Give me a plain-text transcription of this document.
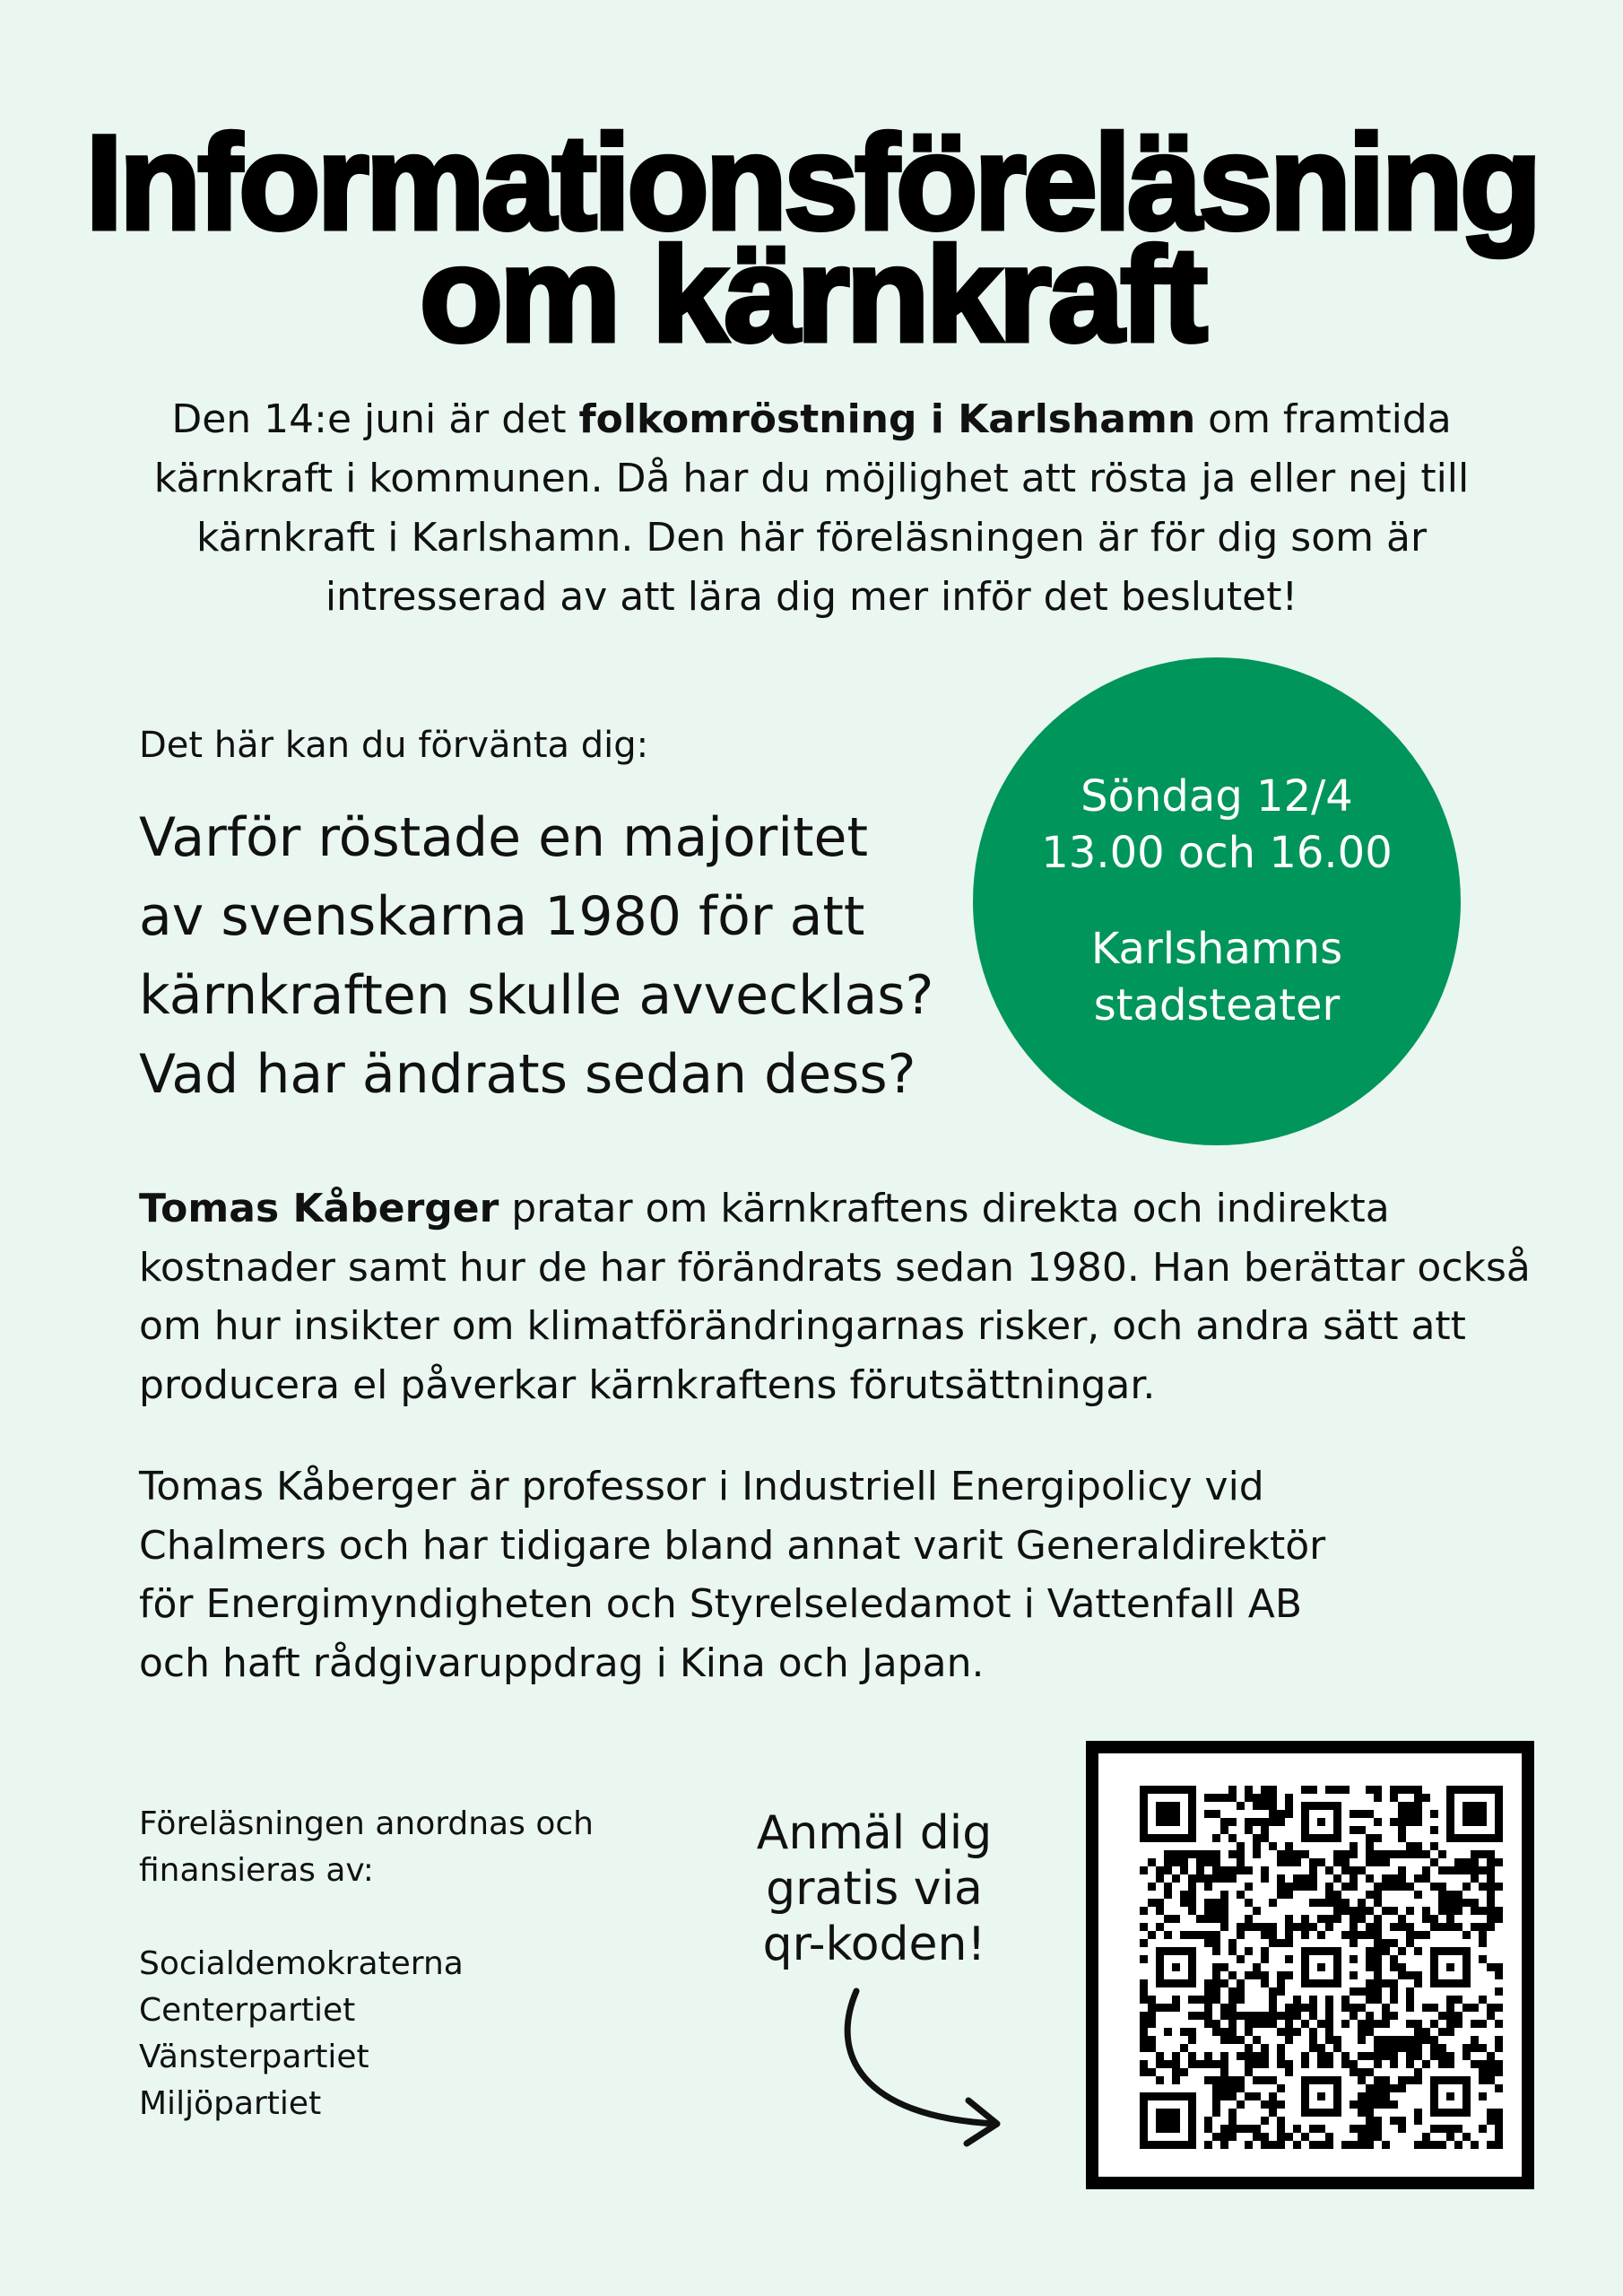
Informationsföreläsning
om kärnkraft
Den 14:e juni är det folkomröstning i Karlshamn om framtida kärnkraft i kommunen. Då har du möjlighet att rösta ja eller nej till kärnkraft i Karlshamn. Den här föreläsningen är för dig som är intresserad av att lära dig mer inför det beslutet!
Det här kan du förvänta dig:
Varför röstade en majoritet
av svenskarna 1980 för att
kärnkraften skulle avvecklas?
Vad har ändrats sedan dess?
Söndag 12/4
13.00 och 16.00
Karlshamns
stadsteater
Tomas Kåberger pratar om kärnkraftens direkta och indirekta kostnader samt hur de har förändrats sedan 1980. Han berättar också om hur insikter om klimatförändringarnas risker, och andra sätt att producera el påverkar kärnkraftens förutsättningar.
Tomas Kåberger är professor i Industriell Energipolicy vid
Chalmers och har tidigare bland annat varit Generaldirektör
för Energimyndigheten och Styrelseledamot i Vattenfall AB
och haft rådgivaruppdrag i Kina och Japan.
Föreläsningen anordnas och
finansieras av:
Socialdemokraterna
Centerpartiet
Vänsterpartiet
Miljöpartiet
Anmäl dig
gratis via
qr-koden!
